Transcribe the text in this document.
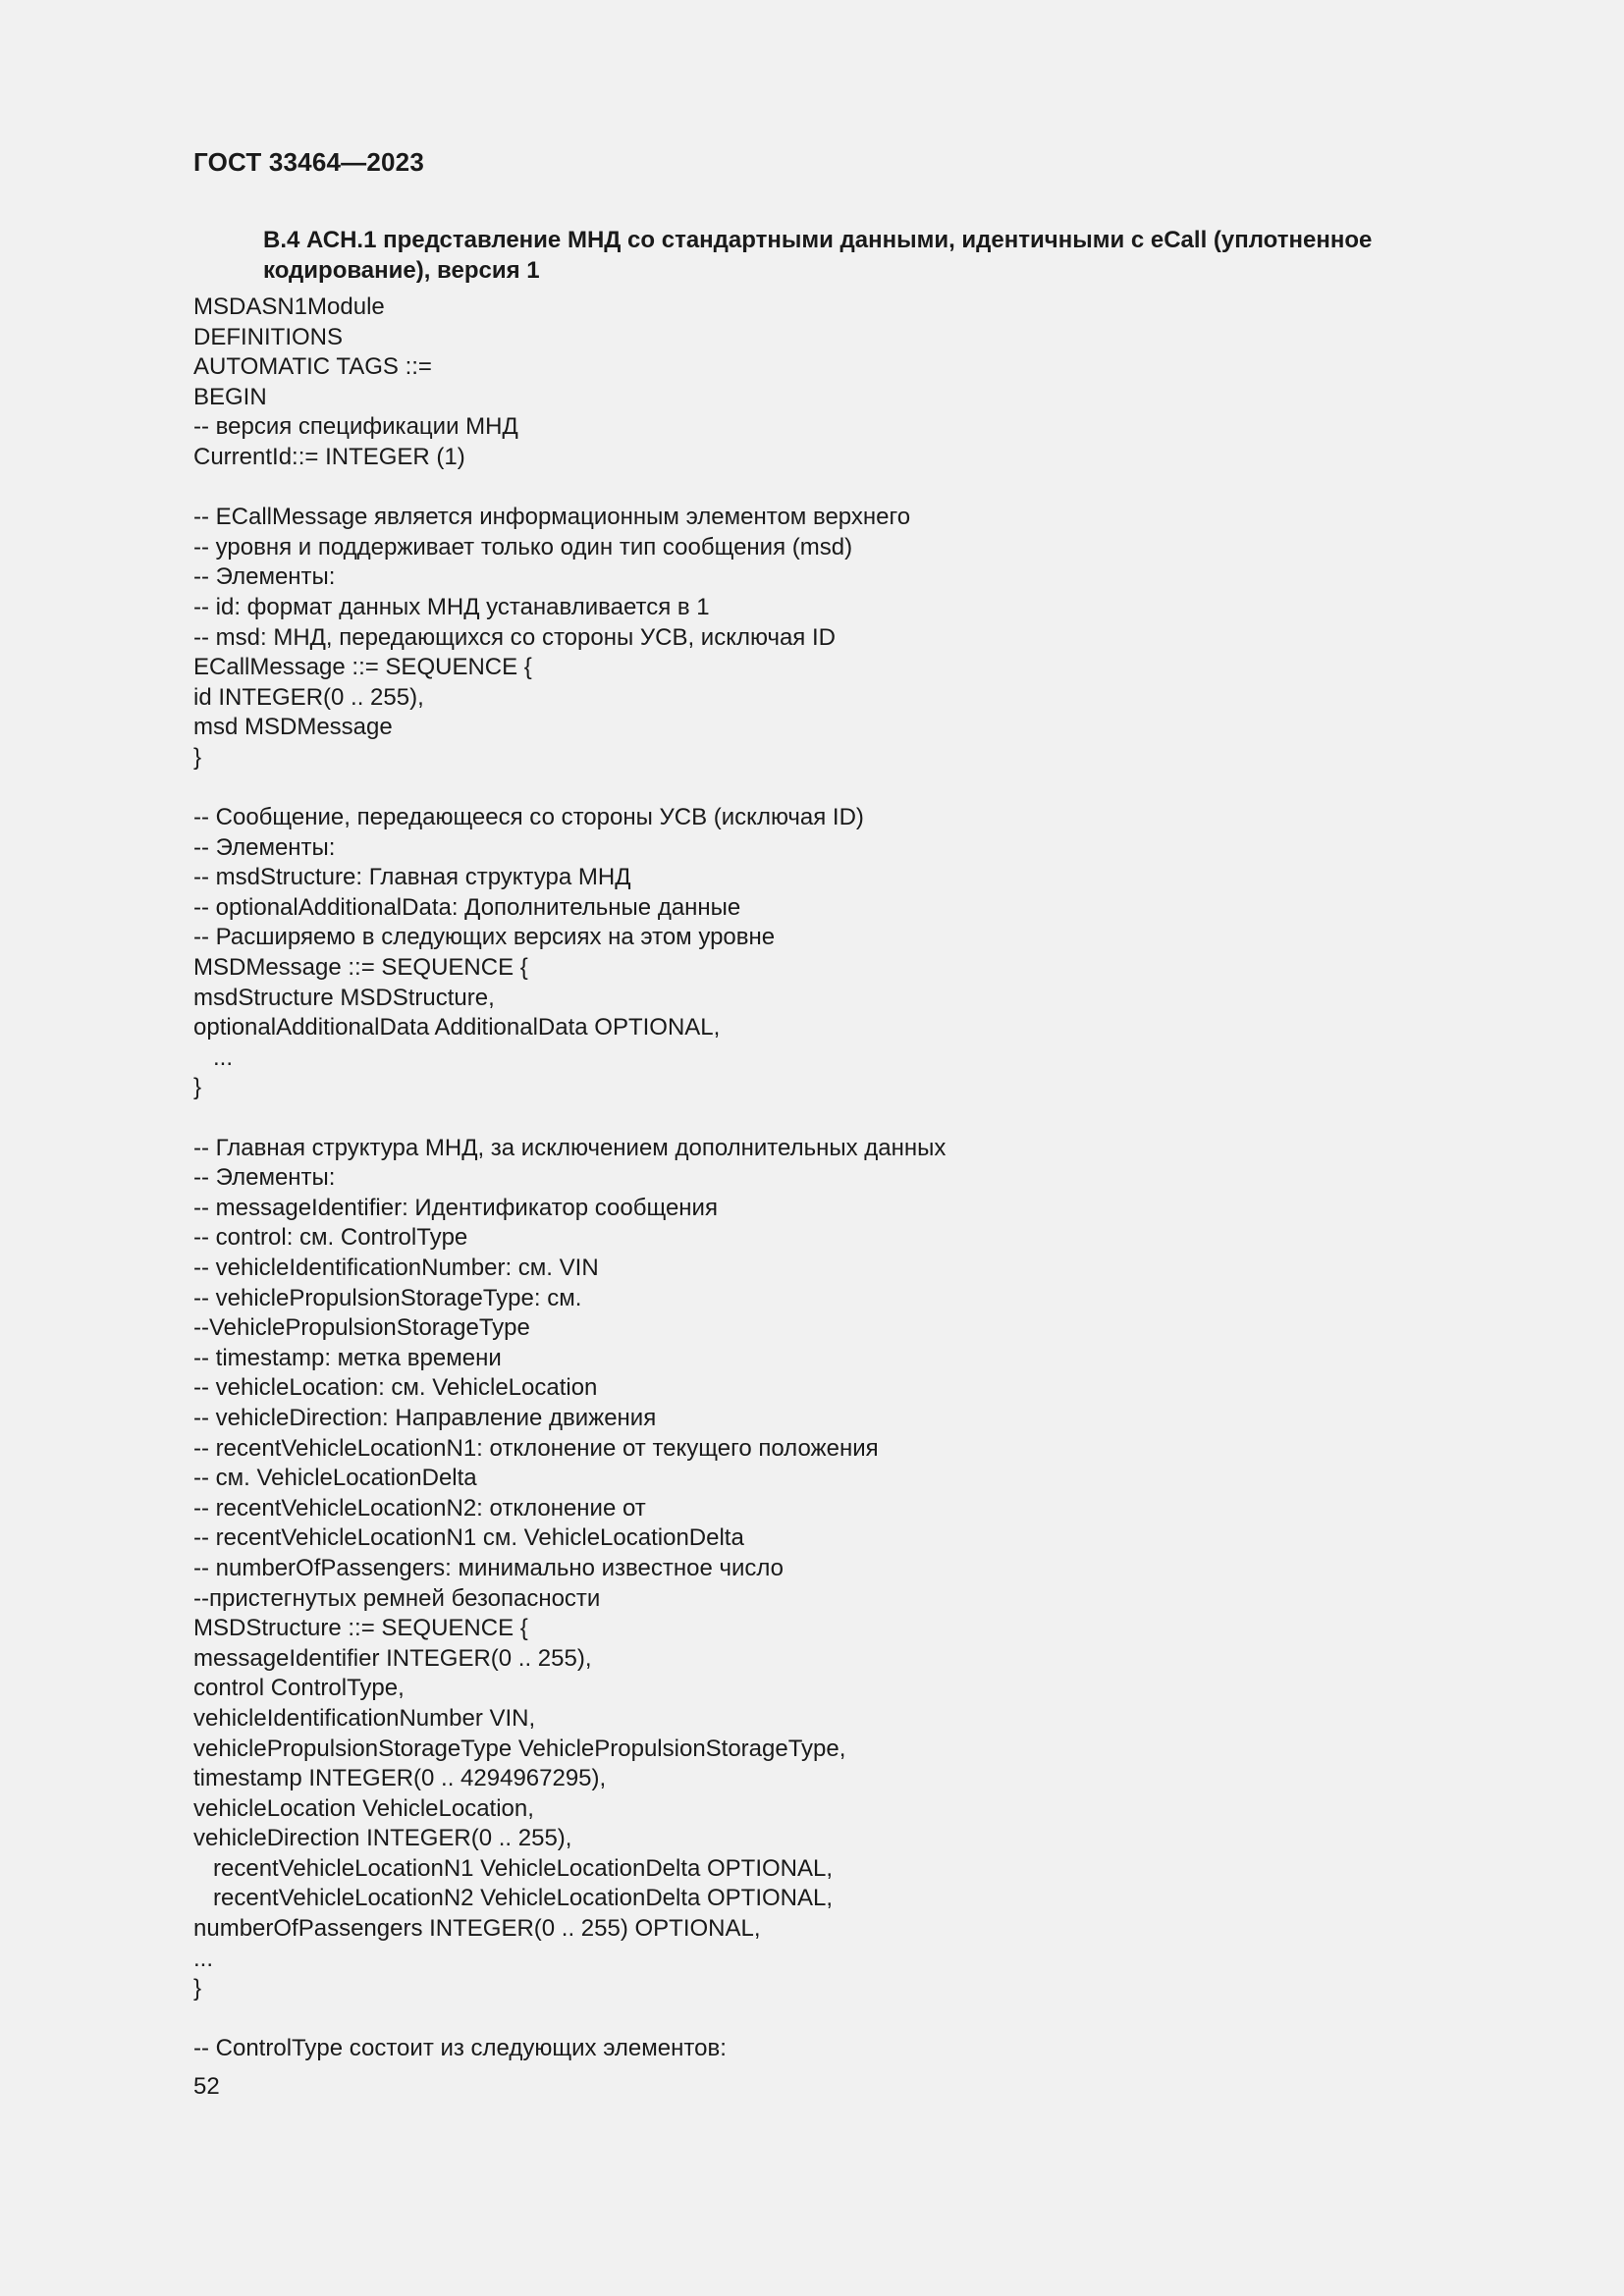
ГОСТ 33464—2023
В.4 АСН.1 представление МНД со стандартными данными, идентичными с eCall (уплотненное кодирование), версия 1
MSDASN1Module
DEFINITIONS
AUTOMATIC TAGS ::=
BEGIN
-- версия спецификации МНД
CurrentId::= INTEGER (1)
-- ECallMessage является информационным элементом верхнего
-- уровня и поддерживает только один тип сообщения (msd)
-- Элементы:
-- id: формат данных МНД устанавливается в 1
-- msd: МНД, передающихся со стороны УСВ, исключая ID
ECallMessage ::= SEQUENCE {
id INTEGER(0 .. 255),
msd MSDMessage
}
-- Сообщение, передающееся со стороны УСВ (исключая ID)
-- Элементы:
-- msdStructure: Главная структура МНД
-- optionalAdditionalData: Дополнительные данные
-- Расширяемо в следующих версиях на этом уровне
MSDMessage ::= SEQUENCE {
msdStructure MSDStructure,
optionalAdditionalData AdditionalData OPTIONAL,
...
}
-- Главная структура МНД, за исключением дополнительных данных
-- Элементы:
-- messageIdentifier: Идентификатор сообщения
-- control: см. ControlType
-- vehicleIdentificationNumber: см. VIN
-- vehiclePropulsionStorageType: см.
--VehiclePropulsionStorageType
-- timestamp: метка времени
-- vehicleLocation: см. VehicleLocation
-- vehicleDirection: Направление движения
-- recentVehicleLocationN1: отклонение от текущего положения
-- см. VehicleLocationDelta
-- recentVehicleLocationN2: отклонение от
-- recentVehicleLocationN1 см. VehicleLocationDelta
-- numberOfPassengers: минимально известное число
--пристегнутых ремней безопасности
MSDStructure ::= SEQUENCE {
messageIdentifier INTEGER(0 .. 255),
control ControlType,
vehicleIdentificationNumber VIN,
vehiclePropulsionStorageType VehiclePropulsionStorageType,
timestamp INTEGER(0 .. 4294967295),
vehicleLocation VehicleLocation,
vehicleDirection INTEGER(0 .. 255),
recentVehicleLocationN1 VehicleLocationDelta OPTIONAL,
recentVehicleLocationN2 VehicleLocationDelta OPTIONAL,
numberOfPassengers INTEGER(0 .. 255) OPTIONAL,
...
}
-- ControlType состоит из следующих элементов:
52
